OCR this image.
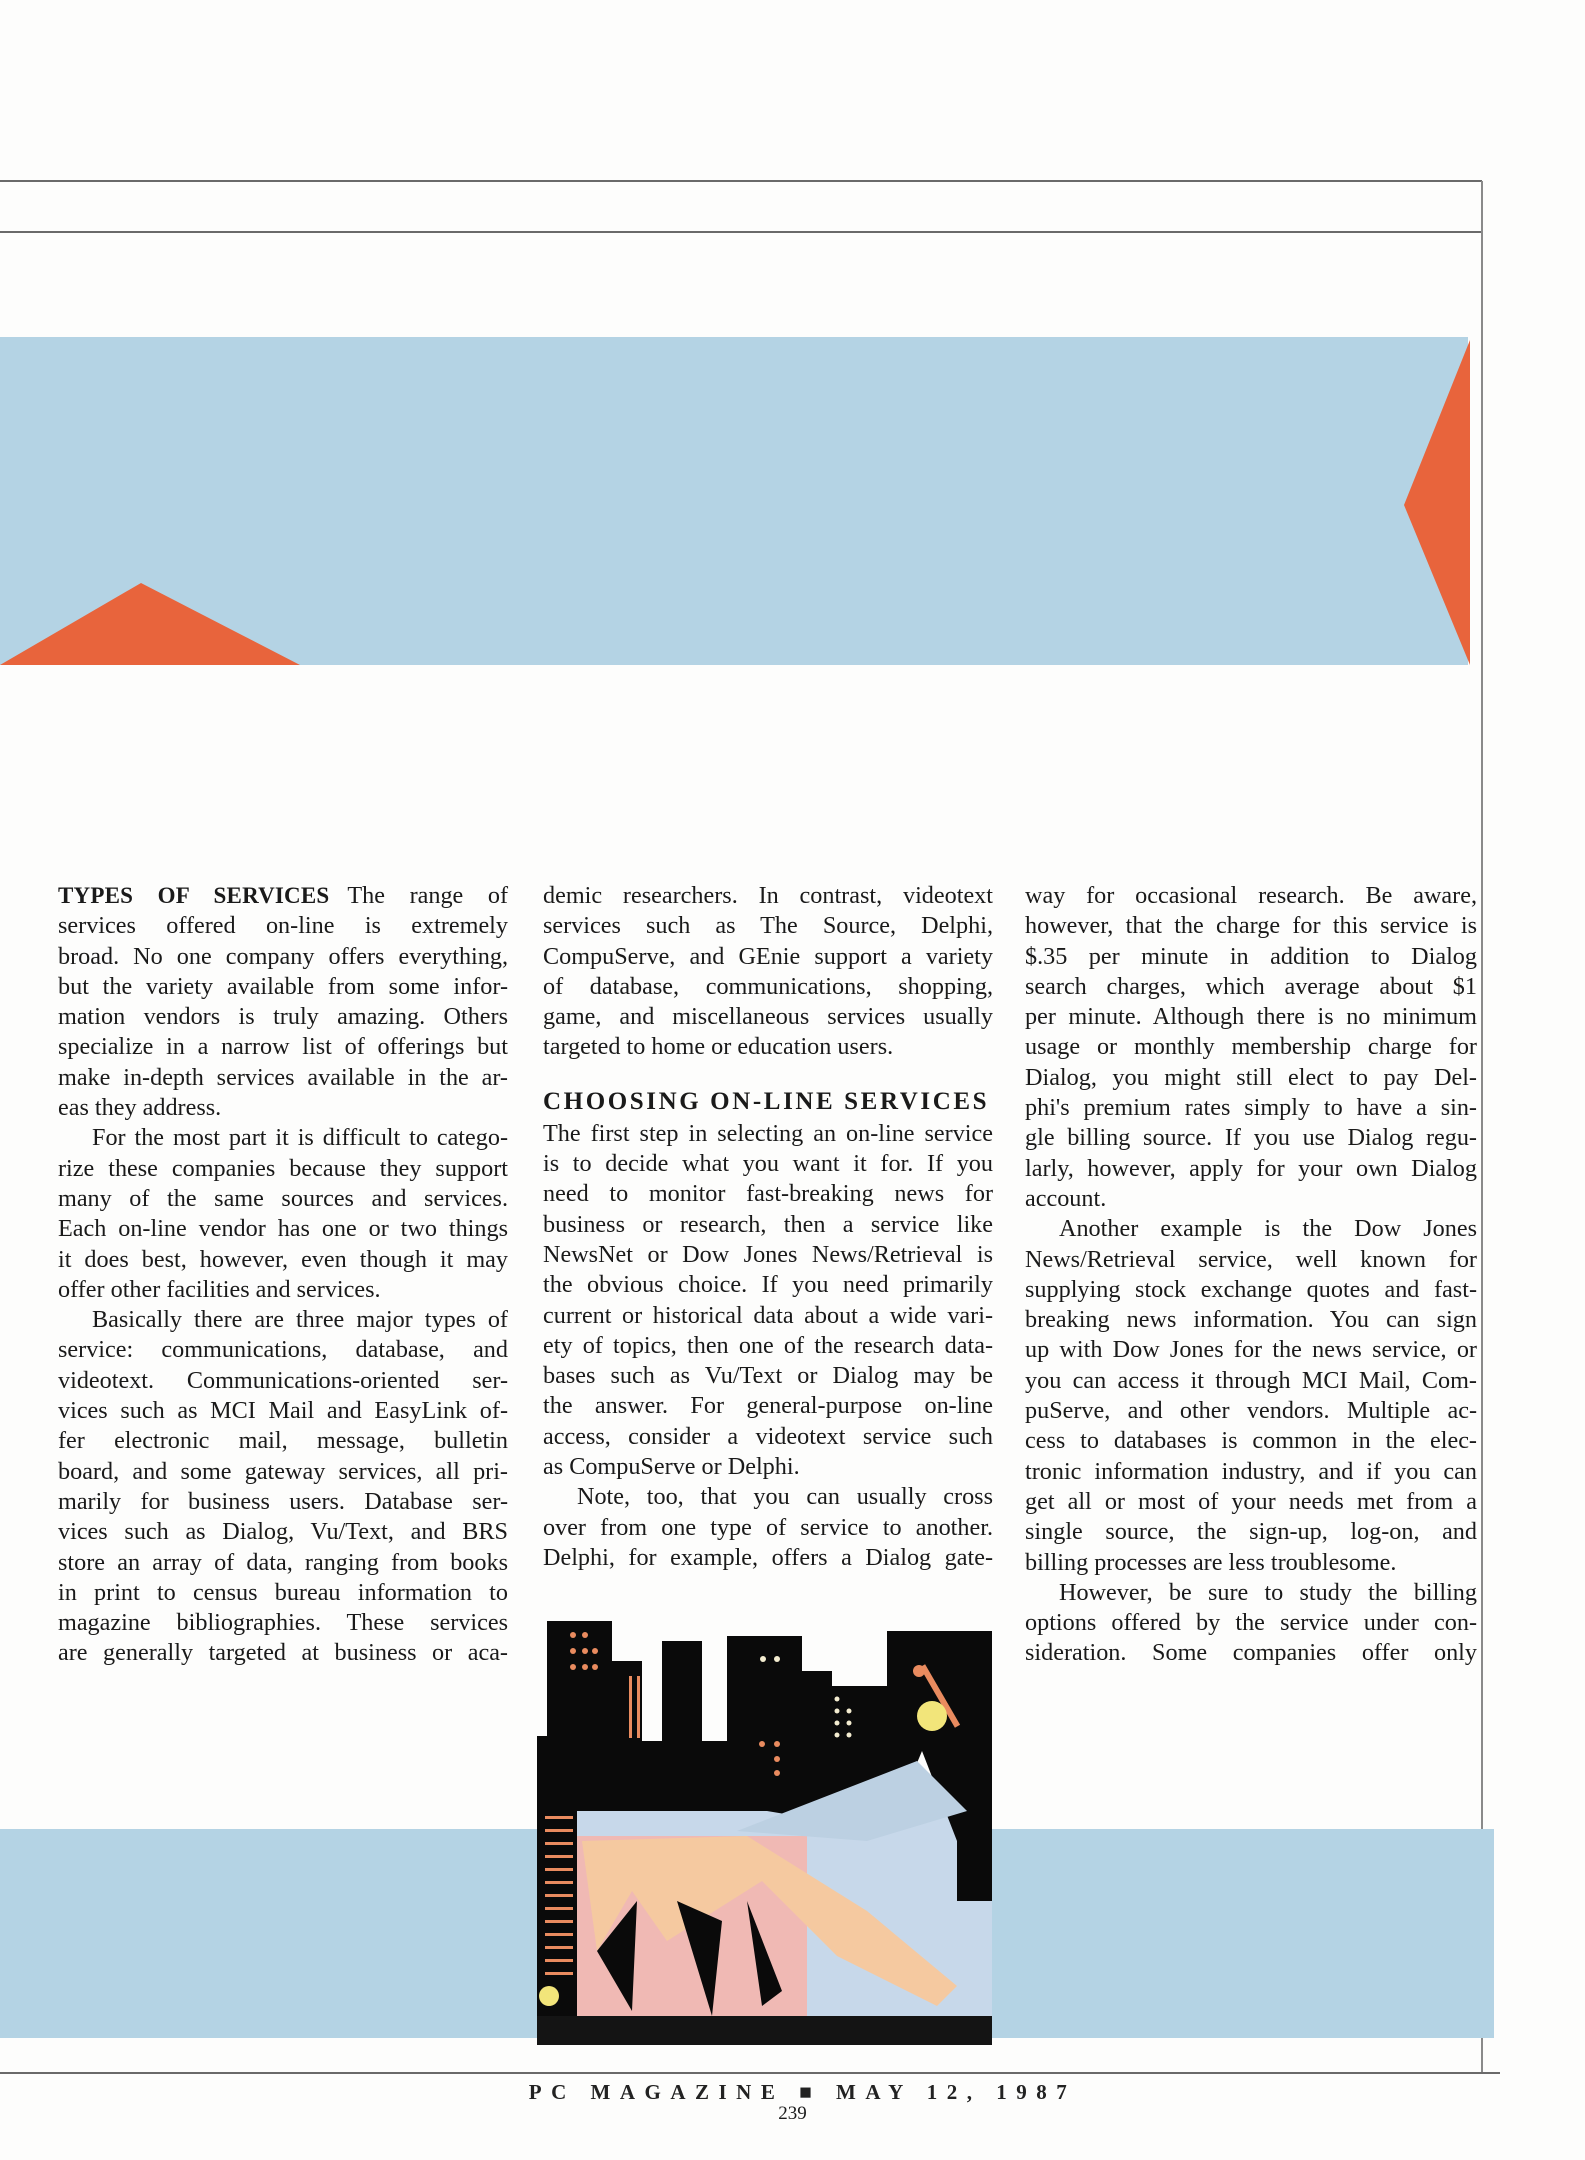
TYPES OF SERVICES The range of
services offered on-line is extremely
broad. No one company offers everything,
but the variety available from some infor-
mation vendors is truly amazing. Others
specialize in a narrow list of offerings but
make in-depth services available in the ar-
eas they address.
For the most part it is difficult to catego-
rize these companies because they support
many of the same sources and services.
Each on-line vendor has one or two things
it does best, however, even though it may
offer other facilities and services.
Basically there are three major types of
service: communications, database, and
videotext. Communications-oriented ser-
vices such as MCI Mail and EasyLink of-
fer electronic mail, message, bulletin
board, and some gateway services, all pri-
marily for business users. Database ser-
vices such as Dialog, Vu/Text, and BRS
store an array of data, ranging from books
in print to census bureau information to
magazine bibliographies. These services
are generally targeted at business or aca-
demic researchers. In contrast, videotext
services such as The Source, Delphi,
CompuServe, and GEnie support a variety
of database, communications, shopping,
game, and miscellaneous services usually
targeted to home or education users.
CHOOSING ON-LINE SERVICES
The first step in selecting an on-line service
is to decide what you want it for. If you
need to monitor fast-breaking news for
business or research, then a service like
NewsNet or Dow Jones News/Retrieval is
the obvious choice. If you need primarily
current or historical data about a wide vari-
ety of topics, then one of the research data-
bases such as Vu/Text or Dialog may be
the answer. For general-purpose on-line
access, consider a videotext service such
as CompuServe or Delphi.
Note, too, that you can usually cross
over from one type of service to another.
Delphi, for example, offers a Dialog gate-
way for occasional research. Be aware,
however, that the charge for this service is
$.35 per minute in addition to Dialog
search charges, which average about $1
per minute. Although there is no minimum
usage or monthly membership charge for
Dialog, you might still elect to pay Del-
phi's premium rates simply to have a sin-
gle billing source. If you use Dialog regu-
larly, however, apply for your own Dialog
account.
Another example is the Dow Jones
News/Retrieval service, well known for
supplying stock exchange quotes and fast-
breaking news information. You can sign
up with Dow Jones for the news service, or
you can access it through MCI Mail, Com-
puServe, and other vendors. Multiple ac-
cess to databases is common in the elec-
tronic information industry, and if you can
get all or most of your needs met from a
single source, the sign-up, log-on, and
billing processes are less troublesome.
However, be sure to study the billing
options offered by the service under con-
sideration. Some companies offer only
PC MAGAZINE ■ MAY 12, 1987
239
